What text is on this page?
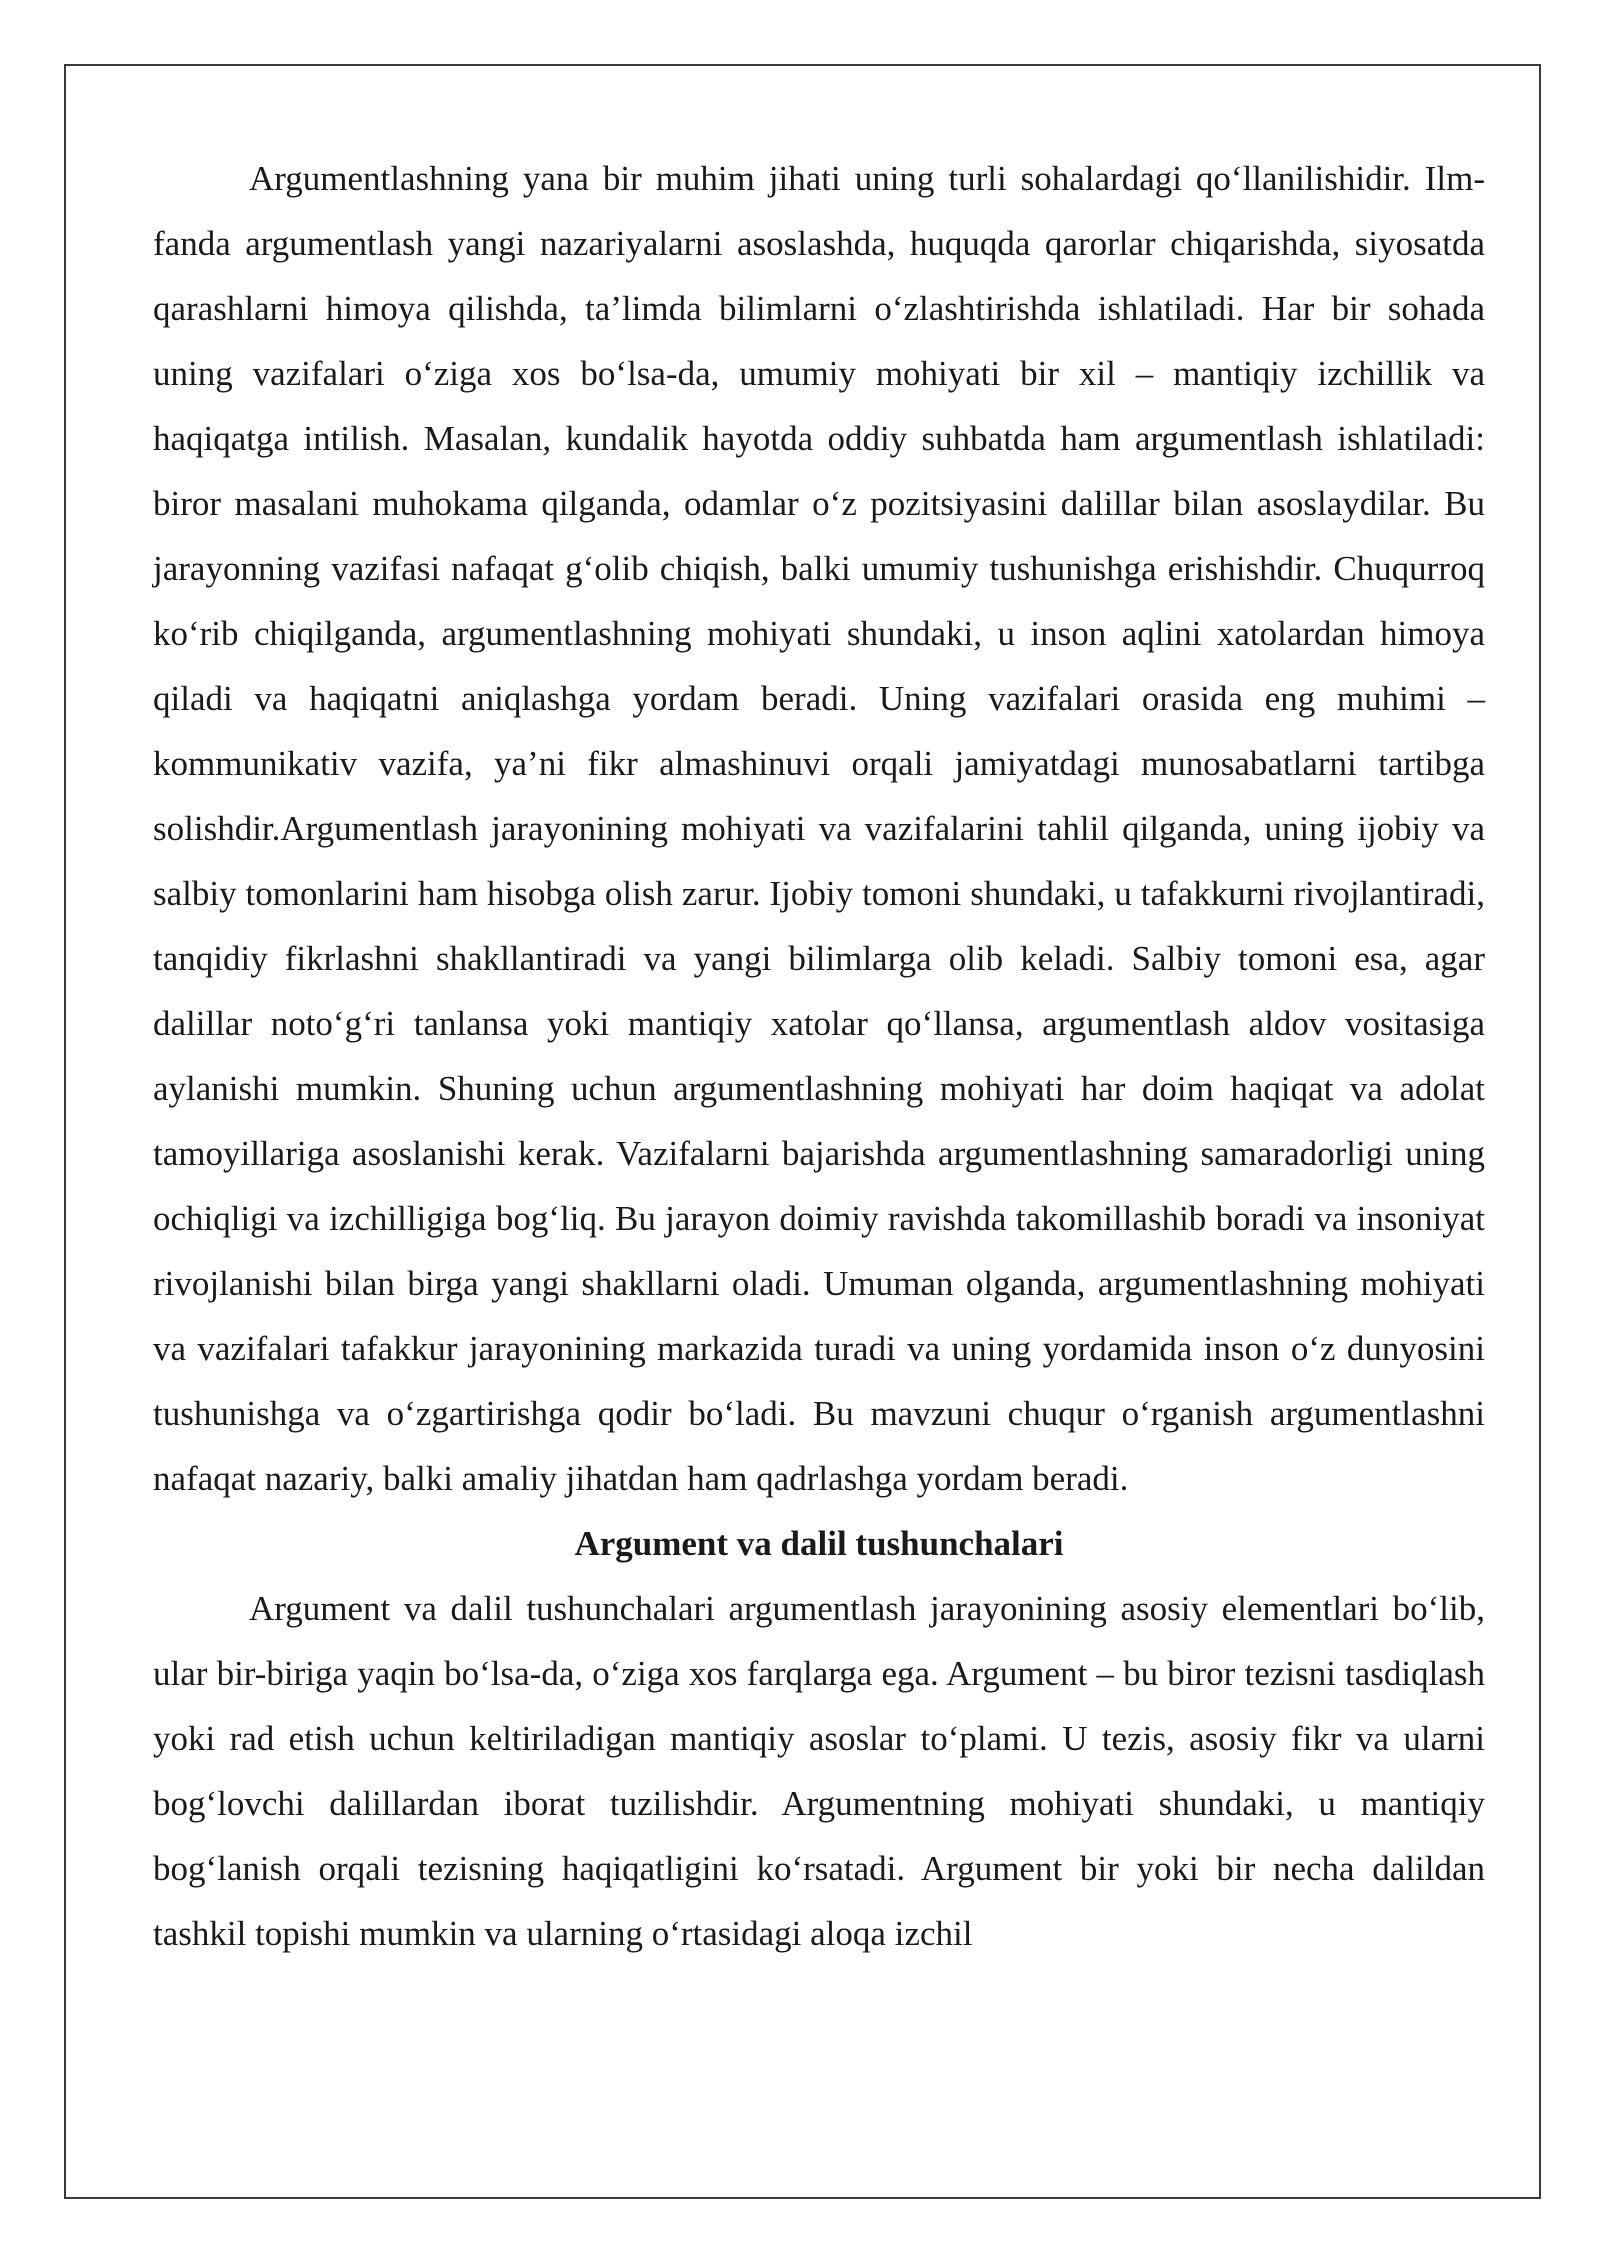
Argumentlashning yana bir muhim jihati uning turli sohalardagi qo‘llanilishidir. Ilm-fanda argumentlash yangi nazariyalarni asoslashda, huquqda qarorlar chiqarishda, siyosatda qarashlarni himoya qilishda, ta’limda bilimlarni o‘zlashtirishda ishlatiladi. Har bir sohada uning vazifalari o‘ziga xos bo‘lsa-da, umumiy mohiyati bir xil – mantiqiy izchillik va haqiqatga intilish. Masalan, kundalik hayotda oddiy suhbatda ham argumentlash ishlatiladi: biror masalani muhokama qilganda, odamlar o‘z pozitsiyasini dalillar bilan asoslaydilar. Bu jarayonning vazifasi nafaqat g‘olib chiqish, balki umumiy tushunishga erishishdir. Chuqurroq ko‘rib chiqilganda, argumentlashning mohiyati shundaki, u inson aqlini xatolardan himoya qiladi va haqiqatni aniqlashga yordam beradi. Uning vazifalari orasida eng muhimi – kommunikativ vazifa, ya’ni fikr almashinuvi orqali jamiyatdagi munosabatlarni tartibga solishdir.Argumentlash jarayonining mohiyati va vazifalarini tahlil qilganda, uning ijobiy va salbiy tomonlarini ham hisobga olish zarur. Ijobiy tomoni shundaki, u tafakkurni rivojlantiradi, tanqidiy fikrlashni shakllantiradi va yangi bilimlarga olib keladi. Salbiy tomoni esa, agar dalillar noto‘g‘ri tanlansa yoki mantiqiy xatolar qo‘llansa, argumentlash aldov vositasiga aylanishi mumkin. Shuning uchun argumentlashning mohiyati har doim haqiqat va adolat tamoyillariga asoslanishi kerak. Vazifalarni bajarishda argumentlashning samaradorligi uning ochiqligi va izchilligiga bog‘liq. Bu jarayon doimiy ravishda takomillashib boradi va insoniyat rivojlanishi bilan birga yangi shakllarni oladi. Umuman olganda, argumentlashning mohiyati va vazifalari tafakkur jarayonining markazida turadi va uning yordamida inson o‘z dunyosini tushunishga va o‘zgartirishga qodir bo‘ladi. Bu mavzuni chuqur o‘rganish argumentlashni nafaqat nazariy, balki amaliy jihatdan ham qadrlashga yordam beradi.

Argument va dalil tushunchalari

Argument va dalil tushunchalari argumentlash jarayonining asosiy elementlari bo‘lib, ular bir-biriga yaqin bo‘lsa-da, o‘ziga xos farqlarga ega. Argument – bu biror tezisni tasdiqlash yoki rad etish uchun keltiriladigan mantiqiy asoslar to‘plami. U tezis, asosiy fikr va ularni bog‘lovchi dalillardan iborat tuzilishdir. Argumentning mohiyati shundaki, u mantiqiy bog‘lanish orqali tezisning haqiqatligini ko‘rsatadi. Argument bir yoki bir necha dalildan tashkil topishi mumkin va ularning o‘rtasidagi aloqa izchil
